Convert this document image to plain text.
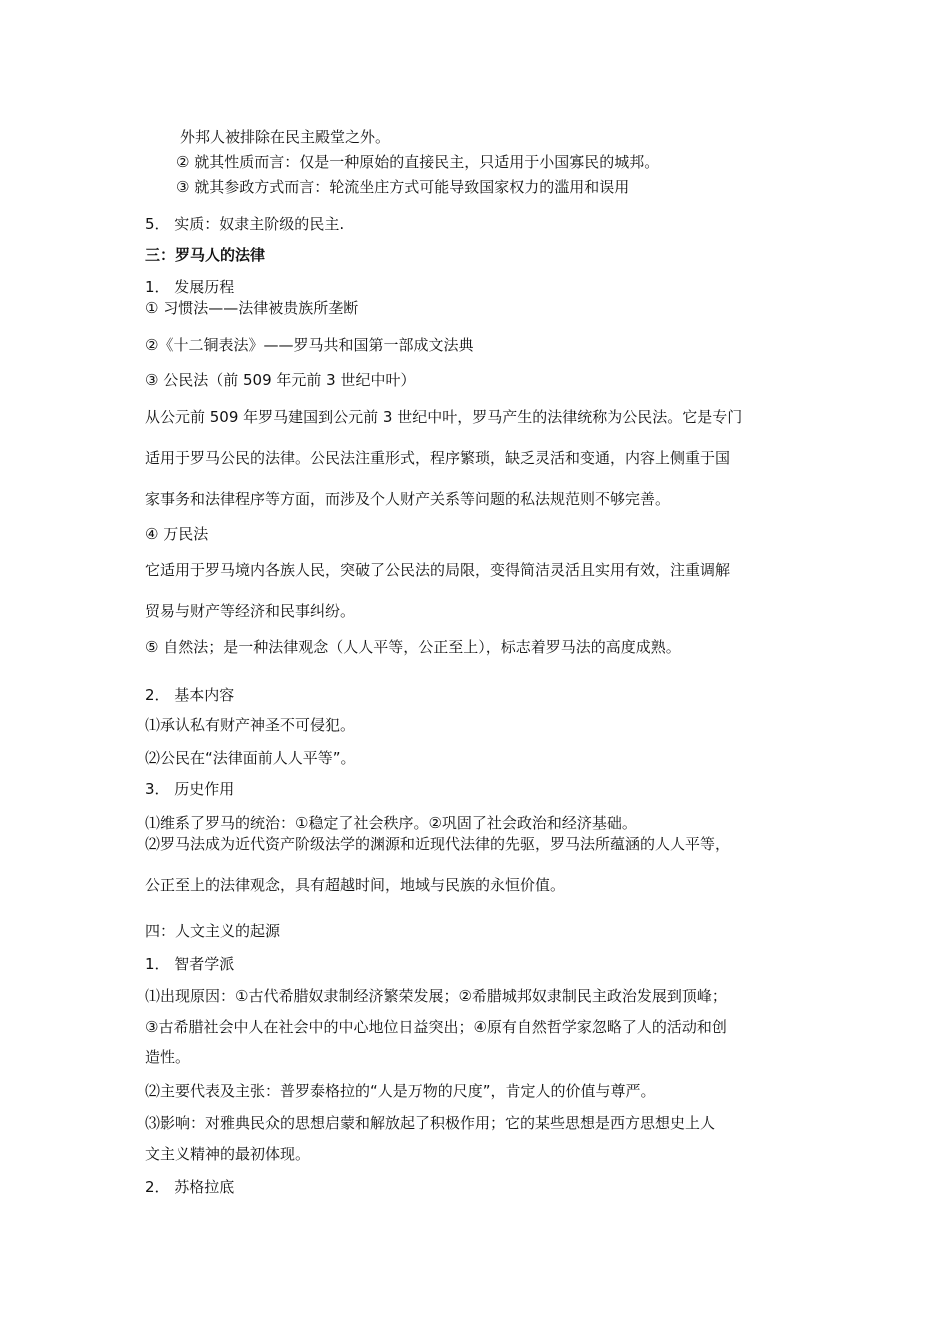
外邦人被排除在民主殿堂之外。
② 就其性质而言：仅是一种原始的直接民主，只适用于小国寡民的城邦。
③ 就其参政方式而言：轮流坐庄方式可能导致国家权力的滥用和误用
5． 实质：奴隶主阶级的民主.
三：罗马人的法律
1． 发展历程
① 习惯法——法律被贵族所垄断
②《十二铜表法》——罗马共和国第一部成文法典
③ 公民法（前 509 年元前 3 世纪中叶）
从公元前 509 年罗马建国到公元前 3 世纪中叶，罗马产生的法律统称为公民法。它是专门
适用于罗马公民的法律。公民法注重形式，程序繁琐，缺乏灵活和变通，内容上侧重于国
家事务和法律程序等方面，而涉及个人财产关系等问题的私法规范则不够完善。
④ 万民法
它适用于罗马境内各族人民，突破了公民法的局限，变得简洁灵活且实用有效，注重调解
贸易与财产等经济和民事纠纷。
⑤ 自然法；是一种法律观念（人人平等，公正至上），标志着罗马法的高度成熟。
2． 基本内容
⑴承认私有财产神圣不可侵犯。
⑵公民在“法律面前人人平等”。
3． 历史作用
⑴维系了罗马的统治：①稳定了社会秩序。②巩固了社会政治和经济基础。
⑵罗马法成为近代资产阶级法学的渊源和近现代法律的先驱，罗马法所蕴涵的人人平等，
公正至上的法律观念，具有超越时间，地域与民族的永恒价值。
四：人文主义的起源
1． 智者学派
⑴出现原因：①古代希腊奴隶制经济繁荣发展；②希腊城邦奴隶制民主政治发展到顶峰；
③古希腊社会中人在社会中的中心地位日益突出；④原有自然哲学家忽略了人的活动和创
造性。
⑵主要代表及主张：普罗泰格拉的“人是万物的尺度”，肯定人的价值与尊严。
⑶影响：对雅典民众的思想启蒙和解放起了积极作用；它的某些思想是西方思想史上人
文主义精神的最初体现。
2． 苏格拉底
